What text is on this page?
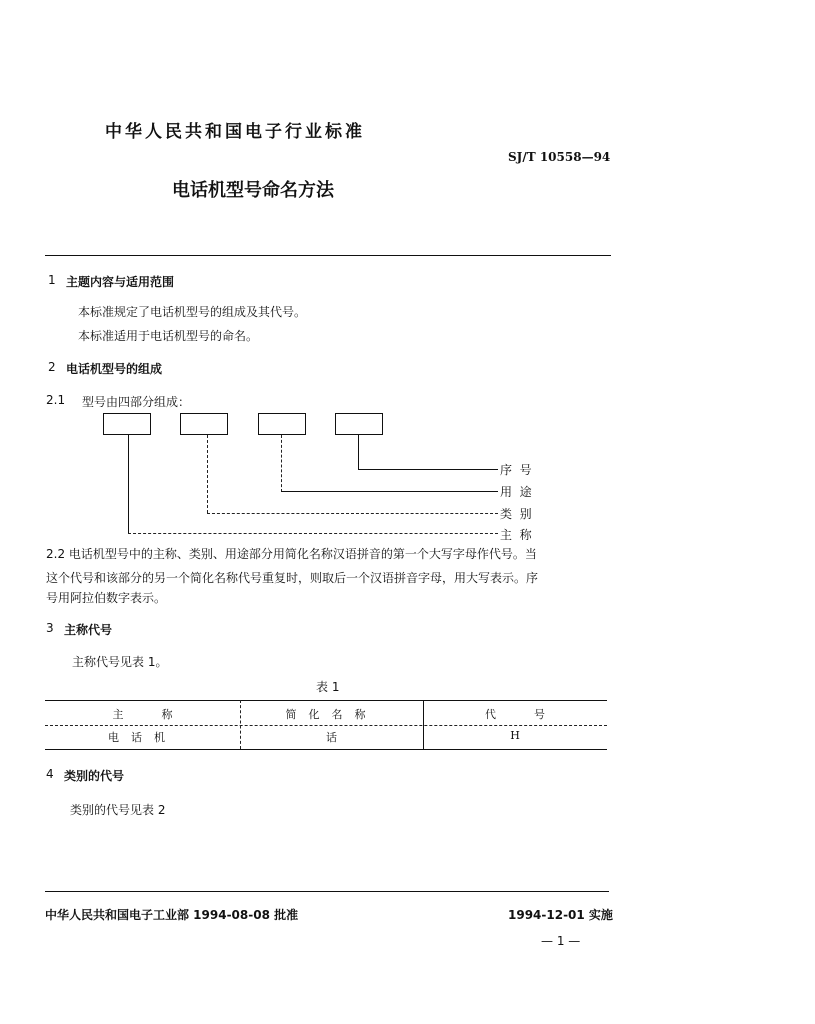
中华人民共和国电子行业标准
SJ/T 10558—94
电话机型号命名方法
1 主题内容与适用范围
本标准规定了电话机型号的组成及其代号。
本标准适用于电话机型号的命名。
2 电话机型号的组成
2.1 型号由四部分组成：
序  号
用  途
类  别
主  称
2.2 电话机型号中的主称、类别、用途部分用简化名称汉语拼音的第一个大写字母作代号。当
这个代号和该部分的另一个简化名称代号重复时，则取后一个汉语拼音字母，用大写表示。序
号用阿拉伯数字表示。
3 主称代号
主称代号见表 1。
表 1
主称	简化名称	代号
电话机	话	H
4 类别的代号
类别的代号见表 2
中华人民共和国电子工业部 1994-08-08 批准	1994-12-01 实施
— 1 —
